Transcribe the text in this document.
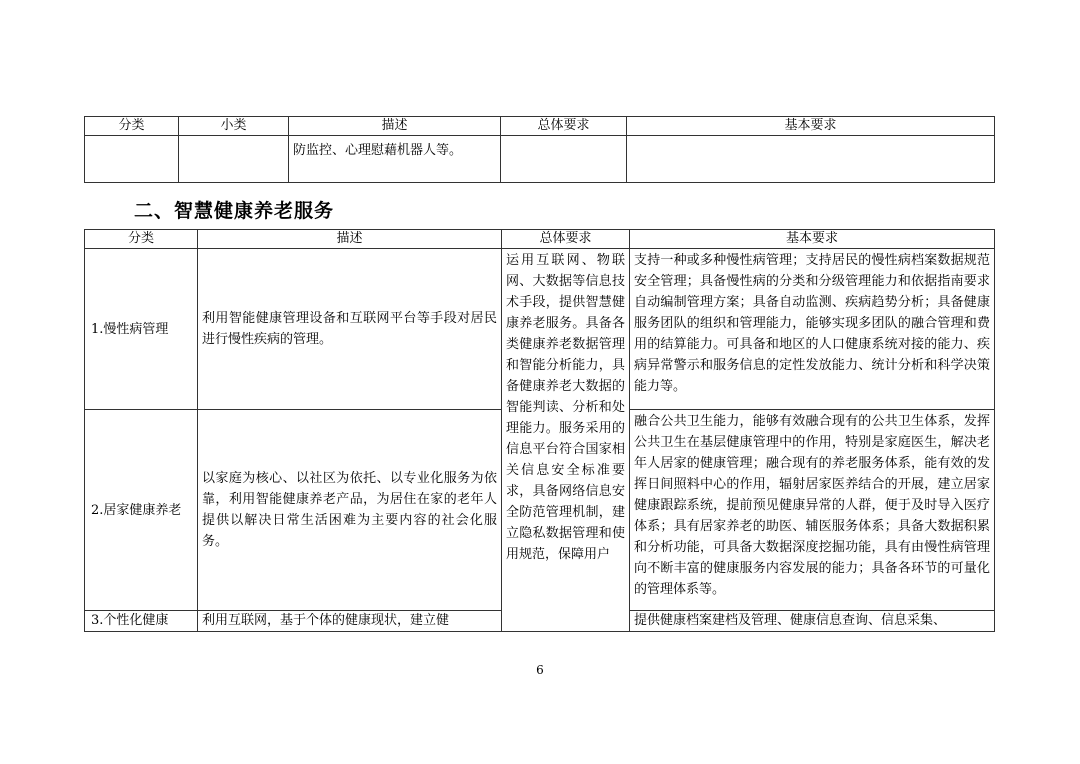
分类	小类	描述	总体要求	基本要求
		防监控、心理慰藉机器人等。		
二、智慧健康养老服务
分类	描述	总体要求	基本要求
1.慢性病管理	利用智能健康管理设备和互联网平台等手段对居民进行慢性疾病的管理。	运用互联网、物联网、大数据等信息技术手段，提供智慧健康养老服务。具备各类健康养老数据管理和智能分析能力，具备健康养老大数据的智能判读、分析和处理能力。服务采用的信息平台符合国家相关信息安全标准要求，具备网络信息安全防范管理机制，建立隐私数据管理和使用规范，保障用户	支持一种或多种慢性病管理；支持居民的慢性病档案数据规范安全管理；具备慢性病的分类和分级管理能力和依据指南要求自动编制管理方案；具备自动监测、疾病趋势分析；具备健康服务团队的组织和管理能力，能够实现多团队的融合管理和费用的结算能力。可具备和地区的人口健康系统对接的能力、疾病异常警示和服务信息的定性发放能力、统计分析和科学决策能力等。
2.居家健康养老	以家庭为核心、以社区为依托、以专业化服务为依靠，利用智能健康养老产品，为居住在家的老年人提供以解决日常生活困难为主要内容的社会化服务。		融合公共卫生能力，能够有效融合现有的公共卫生体系，发挥公共卫生在基层健康管理中的作用，特别是家庭医生，解决老年人居家的健康管理；融合现有的养老服务体系，能有效的发挥日间照料中心的作用，辐射居家医养结合的开展，建立居家健康跟踪系统，提前预见健康异常的人群，便于及时导入医疗体系；具有居家养老的助医、辅医服务体系；具备大数据积累和分析功能，可具备大数据深度挖掘功能，具有由慢性病管理向不断丰富的健康服务内容发展的能力；具备各环节的可量化的管理体系等。
3.个性化健康	利用互联网，基于个体的健康现状，建立健		提供健康档案建档及管理、健康信息查询、信息采集、
6
